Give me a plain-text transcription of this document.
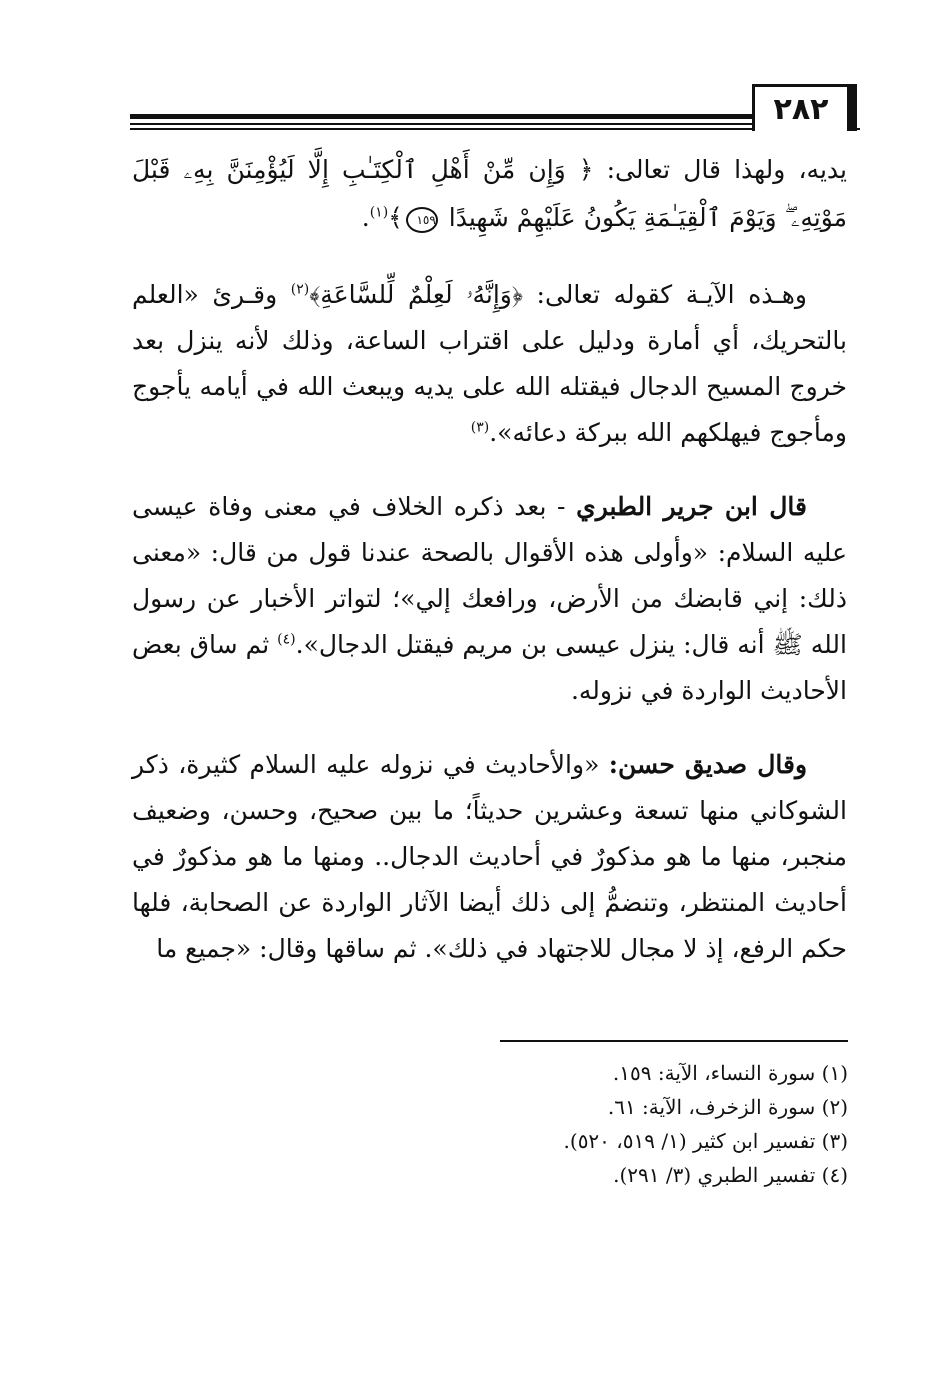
٢٨٢

يديه، ولهذا قال تعالى: ﴿ وَإِن مِّنْ أَهْلِ ٱلْكِتَـٰبِ إِلَّا لَيُؤْمِنَنَّ بِهِۦ قَبْلَ مَوْتِهِۦ ۖ وَيَوْمَ ٱلْقِيَـٰمَةِ يَكُونُ عَلَيْهِمْ شَهِيدًا ١٥٩﴾$^{(١)}$.

وهـذه الآيـة كقوله تعالى: ﴿وَإِنَّهُۥ لَعِلْمٌ لِّلسَّاعَةِ﴾$^{(٢)}$ وقـرئ «العلم بالتحريك، أي أمارة ودليل على اقتراب الساعة، وذلك لأنه ينزل بعد خروج المسيح الدجال فيقتله الله على يديه ويبعث الله في أيامه يأجوج ومأجوج فيهلكهم الله ببركة دعائه».$^{(٣)}$

قال ابن جرير الطبري - بعد ذكره الخلاف في معنى وفاة عيسى عليه السلام: «وأولى هذه الأقوال بالصحة عندنا قول من قال: «معنى ذلك: إني قابضك من الأرض، ورافعك إلي»؛ لتواتر الأخبار عن رسول الله ﷺ أنه قال: ينزل عيسى بن مريم فيقتل الدجال».$^{(٤)}$ ثم ساق بعض الأحاديث الواردة في نزوله.

وقال صديق حسن: «والأحاديث في نزوله عليه السلام كثيرة، ذكر الشوكاني منها تسعة وعشرين حديثاً؛ ما بين صحيح، وحسن، وضعيف منجبر، منها ما هو مذكورٌ في أحاديث الدجال.. ومنها ما هو مذكورٌ في أحاديث المنتظر، وتنضمُّ إلى ذلك أيضا الآثار الواردة عن الصحابة، فلها حكم الرفع، إذ لا مجال للاجتهاد في ذلك». ثم ساقها وقال: «جميع ما

(١) سورة النساء، الآية: ١٥٩.
(٢) سورة الزخرف، الآية: ٦١.
(٣) تفسير ابن كثير (١/ ٥١٩، ٥٢٠).
(٤) تفسير الطبري (٣/ ٢٩١).
